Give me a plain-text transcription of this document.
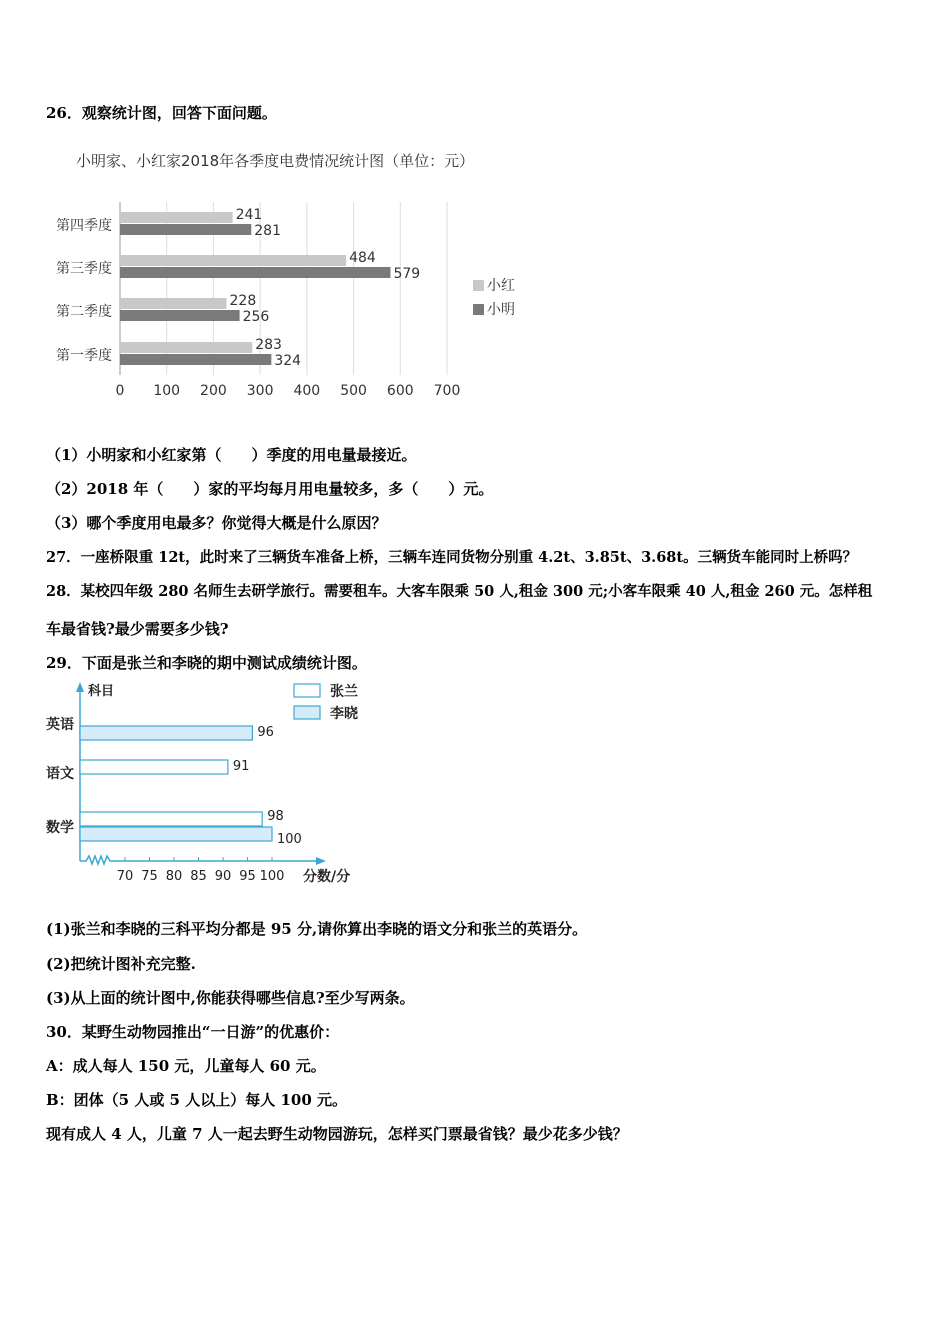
26．观察统计图，回答下面问题。
小明家、小红家2018年各季度电费情况统计图（单位：元）
0 100 200 300 400 500 600 700
第四季度
241
281
第三季度
484
579
第二季度
228
256
第一季度
283
324
小红
小明
（1）小明家和小红家第（　　）季度的用电量最接近。
（2）2018 年（　　）家的平均每月用电量较多，多（　　）元。
（3）哪个季度用电最多？你觉得大概是什么原因？
27．一座桥限重 12t，此时来了三辆货车准备上桥，三辆车连同货物分别重 4.2t、3.85t、3.68t。三辆货车能同时上桥吗？
28．某校四年级 280 名师生去研学旅行。需要租车。大客车限乘 50 人,租金 300 元;小客车限乘 40 人,租金 260 元。怎样租
车最省钱?最少需要多少钱?
29．下面是张兰和李晓的期中测试成绩统计图。
70 75 80 85 90 95 100 分数/分
科目
英语	96
语文	91
数学
98
100
张兰
李晓
(1)张兰和李晓的三科平均分都是 95 分,请你算出李晓的语文分和张兰的英语分。
(2)把统计图补充完整.
(3)从上面的统计图中,你能获得哪些信息?至少写两条。
30．某野生动物园推出“一日游”的优惠价：
A：成人每人 150 元，儿童每人 60 元。
B：团体（5 人或 5 人以上）每人 100 元。
现有成人 4 人，儿童 7 人一起去野生动物园游玩，怎样买门票最省钱？最少花多少钱？
